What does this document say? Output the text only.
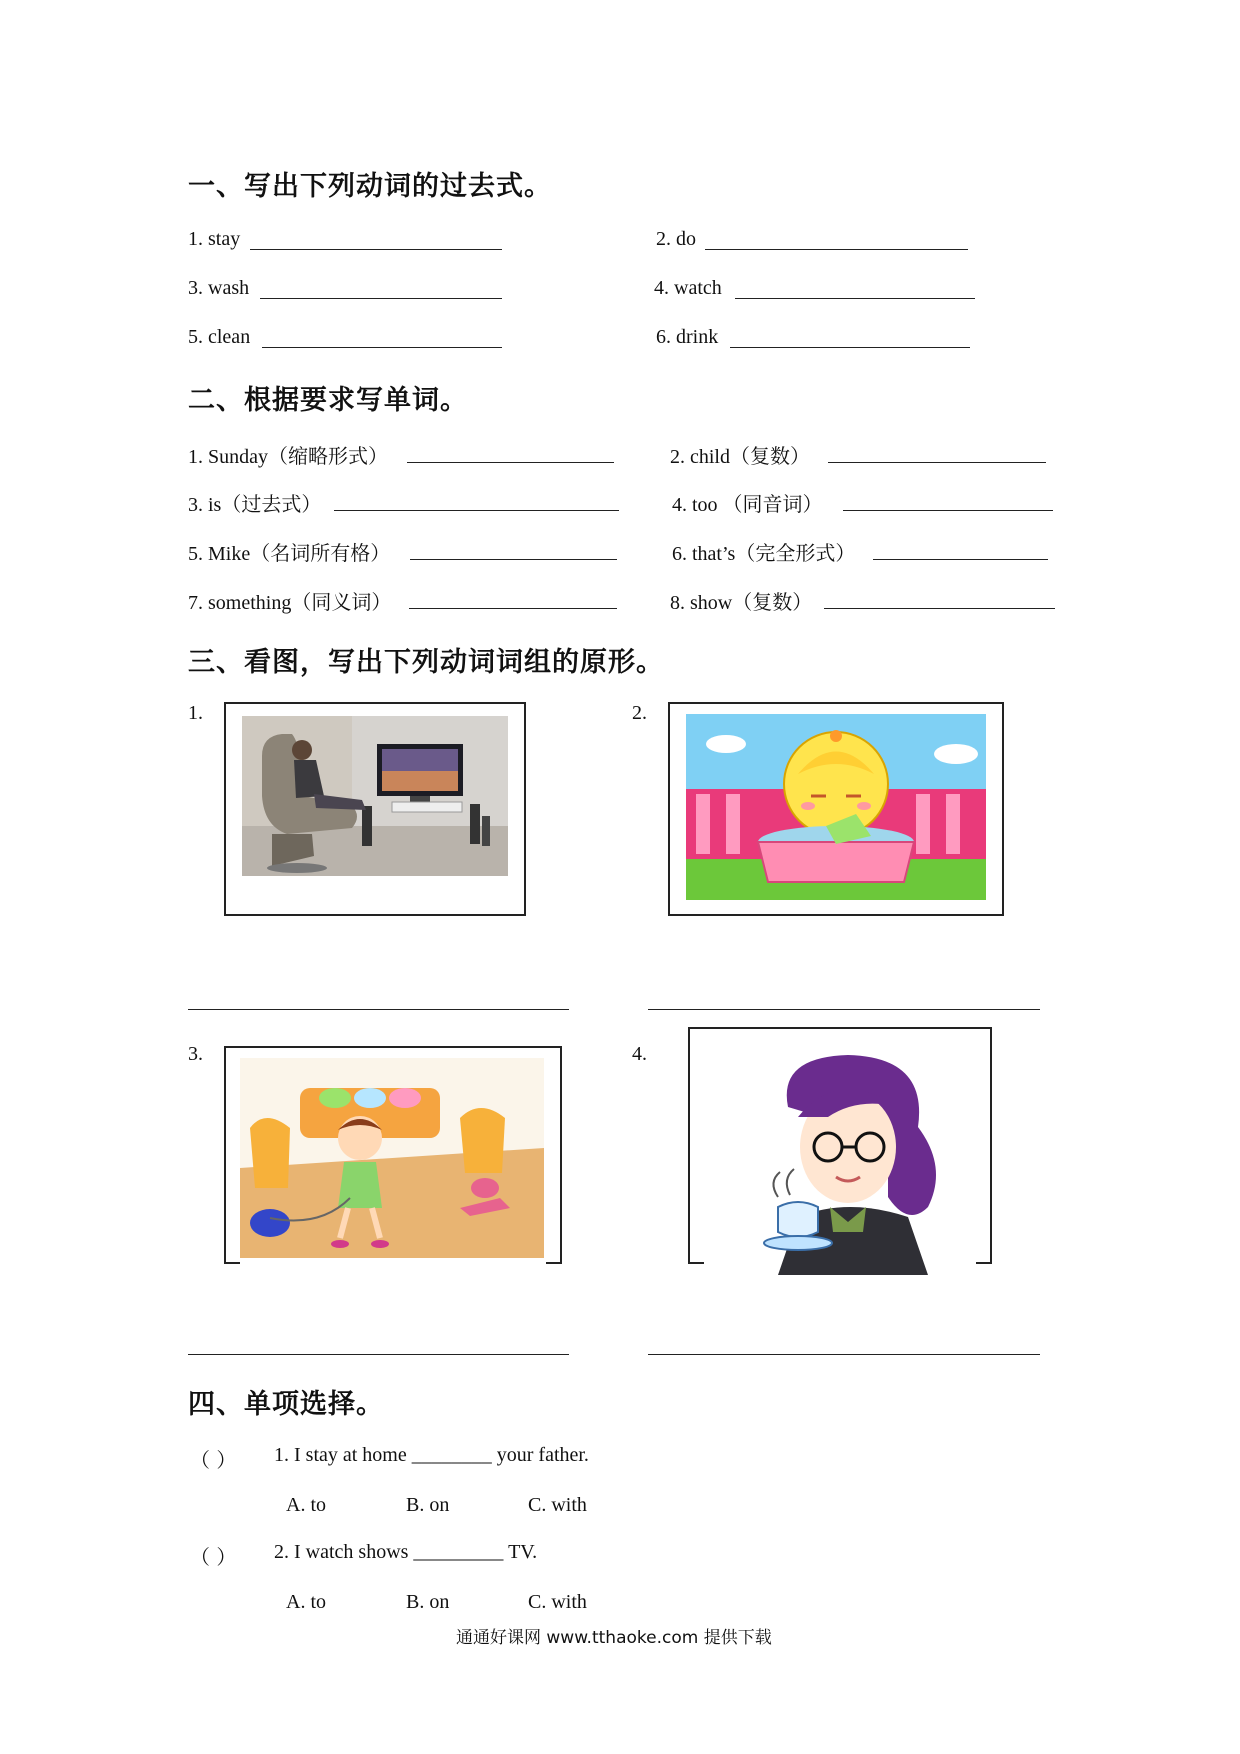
一、写出下列动词的过去式。
1. stay	2. do
3. wash	4. watch
5. clean	6. drink
二、根据要求写单词。
1. Sunday（缩略形式）	2. child（复数）
3. is（过去式）	4. too （同音词）
5. Mike（名词所有格）	6. that’s（完全形式）
7. something（同义词）	8. show（复数）
三、看图，写出下列动词词组的原形。
1.	2.
3.	4.
四、单项选择。
（ ） 1. I stay at home ________ your father.
A. to	B. on	C. with
（ ） 2. I watch shows _________ TV.
A. to	B. on	C. with
通通好课网 www.tthaoke.com 提供下载
